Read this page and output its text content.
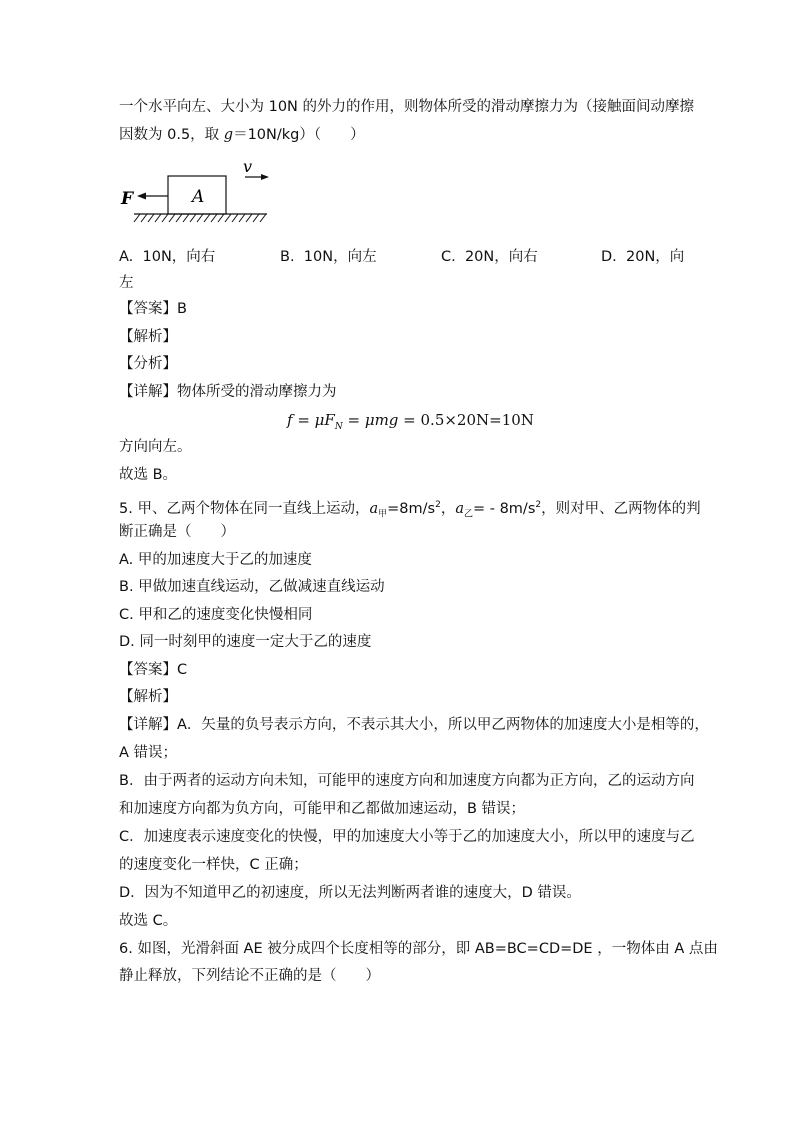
一个水平向左、大小为 10N 的外力的作用，则物体所受的滑动摩擦力为（接触面间动摩擦
因数为 0.5，取 g＝10N/kg）（　　）
v
A
F
A. 10N，向右	B. 10N，向左	C. 20N，向右	D. 20N，向
左
【答案】B
【解析】
【分析】
【详解】物体所受的滑动摩擦力为
$f = \mu F_N = \mu mg = 0.5\times 20N=10N$
方向向左。
故选 B。
5. 甲、乙两个物体在同一直线上运动，$a_甲=8m/s^2$，$a_乙= - 8m/s^2$，则对甲、乙两物体的判
断正确是（　　）
A. 甲的加速度大于乙的加速度
B. 甲做加速直线运动，乙做减速直线运动
C. 甲和乙的速度变化快慢相同
D. 同一时刻甲的速度一定大于乙的速度
【答案】C
【解析】
【详解】A．矢量的负号表示方向，不表示其大小，所以甲乙两物体的加速度大小是相等的，
A 错误；
B．由于两者的运动方向未知，可能甲的速度方向和加速度方向都为正方向，乙的运动方向
和加速度方向都为负方向，可能甲和乙都做加速运动，B 错误；
C．加速度表示速度变化的快慢，甲的加速度大小等于乙的加速度大小，所以甲的速度与乙
的速度变化一样快，C 正确；
D．因为不知道甲乙的初速度，所以无法判断两者谁的速度大，D 错误。
故选 C。
6. 如图，光滑斜面 AE 被分成四个长度相等的部分，即 AB=BC=CD=DE ，一物体由 A 点由
静止释放，下列结论不正确的是（　　）
